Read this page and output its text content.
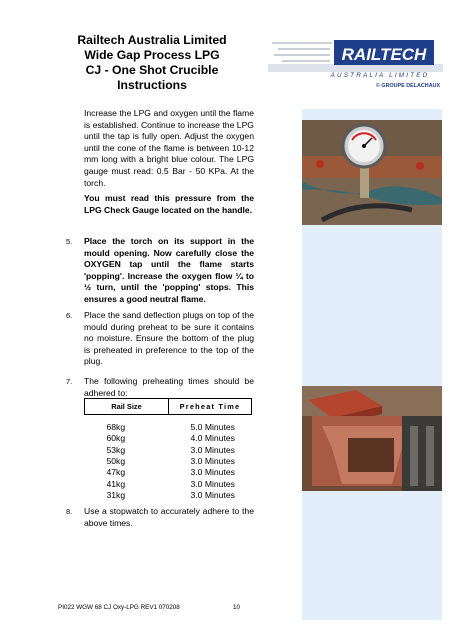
Railtech Australia Limited
Wide Gap Process LPG
CJ - One Shot Crucible
Instructions
RAILTECH
AUSTRALIA LIMITED
© GROUPE DELACHAUX
Increase the LPG and oxygen until the flame is established. Continue to increase the LPG until the tap is fully open. Adjust the oxygen until the cone of the flame is between 10-12 mm long with a bright blue colour. The LPG gauge must read: 0.5 Bar - 50 KPa. At the torch.
You must read this pressure from the LPG Check Gauge located on the handle.
5. Place the torch on its support in the mould opening. Now carefully close the OXYGEN tap until the flame starts 'popping'. Increase the oxygen flow ¼ to ½ turn, until the 'popping' stops. This ensures a good neutral flame.
6. Place the sand deflection plugs on top of the mould during preheat to be sure it contains no moisture. Ensure the bottom of the plug is preheated in preference to the top of the plug.
7. The following preheating times should be adhered to:
Rail Size	Preheat Time

68kg	5.0 Minutes
60kg	4.0 Minutes
53kg	3.0 Minutes
50kg	3.0 Minutes
47kg	3.0 Minutes
41kg	3.0 Minutes
31kg	3.0 Minutes
8. Use a stopwatch to accurately adhere to the above times.
PI022 WGW 68 CJ Oxy-LPG REV1 070208	10
